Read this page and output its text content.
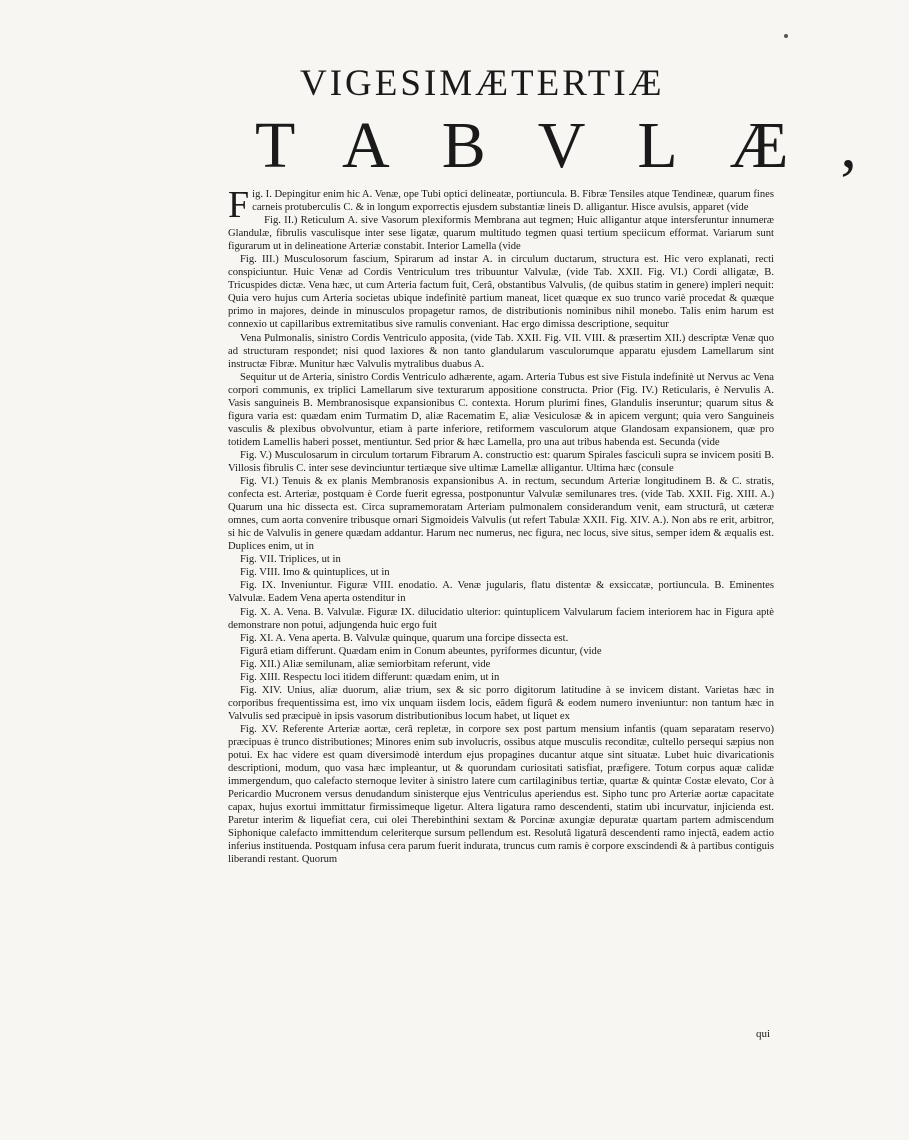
VIGESIMÆTERTIÆ
TABVLÆ,

Fig. I. Depingitur enim hic A. Venæ, ope Tubi optici delineatæ, portiuncula. B. Fibræ Tensiles atque Tendineæ, quarum fines carneis protuberculis C. & in longum exporrectis ejusdem substantiæ lineis D. alligantur. Hisce avulsis, apparet (vide

Fig. II.) Reticulum A. sive Vasorum plexiformis Membrana aut tegmen; Huic alligantur atque intersferuntur innumeræ Glandulæ, fibrulis vasculisque inter sese ligatæ, quarum multitudo tegmen quasi tertium speciicum efformat. Variarum sunt figurarum ut in delineatione Arteriæ constabit. Interior Lamella (vide

Fig. III.) Musculosorum fascium, Spirarum ad instar A. in circulum ductarum, structura est. Hic vero explanati, recti conspiciuntur. Huic Venæ ad Cordis Ventriculum tres tribuuntur Valvulæ, (vide Tab. XXII. Fig. VI.) Cordi alligatæ, B. Tricuspides dictæ. Vena hæc, ut cum Arteria factum fuit, Cerâ, obstantibus Valvulis, (de quibus statim in genere) impleri nequit: Quia vero hujus cum Arteria societas ubique indefinitè partium maneat, licet quæque ex suo trunco variè procedat & quæque primo in majores, deinde in minusculos propagetur ramos, de distributionis nominibus nihil monebo. Talis enim harum est connexio ut capillaribus extremitatibus sive ramulis conveniant. Hac ergo dimissa descriptione, sequitur

Vena Pulmonalis, sinistro Cordis Ventriculo apposita, (vide Tab. XXII. Fig. VII. VIII. & præsertim XII.) descriptæ Venæ quo ad structuram respondet; nisi quod laxiores & non tanto glandularum vasculorumque apparatu ejusdem Lamellarum sint instructæ Fibræ. Munitur hæc Valvulis mytralibus duabus A.

Sequitur ut de Arteria, sinistro Cordis Ventriculo adhærente, agam. Arteria Tubus est sive Fistula indefinitè ut Nervus ac Vena corpori communis, ex triplici Lamellarum sive texturarum appositione constructa. Prior (Fig. IV.) Reticularis, è Nervulis A. Vasis sanguineis B. Membranosisque expansionibus C. contexta. Horum plurimi fines, Glandulis inseruntur; quarum situs & figura varia est: quædam enim Turmatim D, aliæ Racematim E, aliæ Vesiculosæ & in apicem vergunt; quia vero Sanguineis vasculis & plexibus obvolvuntur, etiam à parte inferiore, retiformem vasculorum atque Glandosam expansionem, quæ pro totidem Lamellis haberi posset, mentiuntur. Sed prior & hæc Lamella, pro una aut tribus habenda est. Secunda (vide

Fig. V.) Musculosarum in circulum tortarum Fibrarum A. constructio est: quarum Spirales fasciculi supra se invicem positi B. Villosis fibrulis C. inter sese devinciuntur tertiæque sive ultimæ Lamellæ alligantur. Ultima hæc (consule

Fig. VI.) Tenuis & ex planis Membranosis expansionibus A. in rectum, secundum Arteriæ longitudinem B. & C. stratis, confecta est. Arteriæ, postquam è Corde fuerit egressa, postponuntur Valvulæ semilunares tres. (vide Tab. XXII. Fig. XIII. A.) Quarum una hic dissecta est. Circa supramemoratam Arteriam pulmonalem considerandum venit, eam structurâ, ut cæteræ omnes, cum aorta convenire tribusque ornari Sigmoideis Valvulis (ut refert Tabulæ XXII. Fig. XIV. A.). Non abs re erit, arbitror, si hic de Valvulis in genere quædam addantur. Harum nec numerus, nec figura, nec locus, sive situs, semper idem & æqualis est. Duplices enim, ut in

Fig. VII. Triplices, ut in

Fig. VIII. Imo & quintuplices, ut in

Fig. IX. Inveniuntur. Figuræ VIII. enodatio. A. Venæ jugularis, flatu distentæ & exsiccatæ, portiuncula. B. Eminentes Valvulæ. Eadem Vena aperta ostenditur in

Fig. X. A. Vena. B. Valvulæ. Figuræ IX. dilucidatio ulterior: quintuplicem Valvularum faciem interiorem hac in Figura aptè demonstrare non potui, adjungenda huic ergo fuit

Fig. XI. A. Vena aperta. B. Valvulæ quinque, quarum una forcipe dissecta est.

Figurâ etiam differunt. Quædam enim in Conum abeuntes, pyriformes dicuntur, (vide

Fig. XII.) Aliæ semilunam, aliæ semiorbitam referunt, vide

Fig. XIII. Respectu loci itidem differunt: quædam enim, ut in

Fig. XIV. Unius, aliæ duorum, aliæ trium, sex & sic porro digitorum latitudine à se invicem distant. Varietas hæc in corporibus frequentissima est, imo vix unquam iisdem locis, eâdem figurâ & eodem numero inveniuntur: non tantum hæc in Valvulis sed præcipuè in ipsis vasorum distributionibus locum habet, ut liquet ex

Fig. XV. Referente Arteriæ aortæ, cerâ repletæ, in corpore sex post partum mensium infantis (quam separatam reservo) præcipuas è trunco distributiones; Minores enim sub involucris, ossibus atque musculis reconditæ, cultello persequi sæpius non potui. Ex hac videre est quam diversimodè interdum ejus propagines ducantur atque sint situatæ. Lubet huic divaricationis descriptioni, modum, quo vasa hæc impleantur, ut & quorundam curiositati satisfiat, præfigere. Totum corpus aquæ calidæ immergendum, quo calefacto sternoque leviter à sinistro latere cum cartilaginibus tertiæ, quartæ & quintæ Costæ elevato, Cor à Pericardio Mucronem versus denudandum sinisterque ejus Ventriculus aperiendus est. Sipho tunc pro Arteriæ aortæ capacitate capax, hujus exortui immittatur firmissimeque ligetur. Altera ligatura ramo descendenti, statim ubi incurvatur, injicienda est. Paretur interim & liquefiat cera, cui olei Therebinthini sextam & Porcinæ axungiæ depuratæ quartam partem admiscendum Siphonique calefacto immittendum celeriterque sursum pellendum est. Resolutâ ligaturâ descendenti ramo injectâ, eadem actio inferius instituenda. Postquam infusa cera parum fuerit indurata, truncus cum ramis è corpore exscindendi & à partibus contiguis liberandi restant. Quorum

qui
